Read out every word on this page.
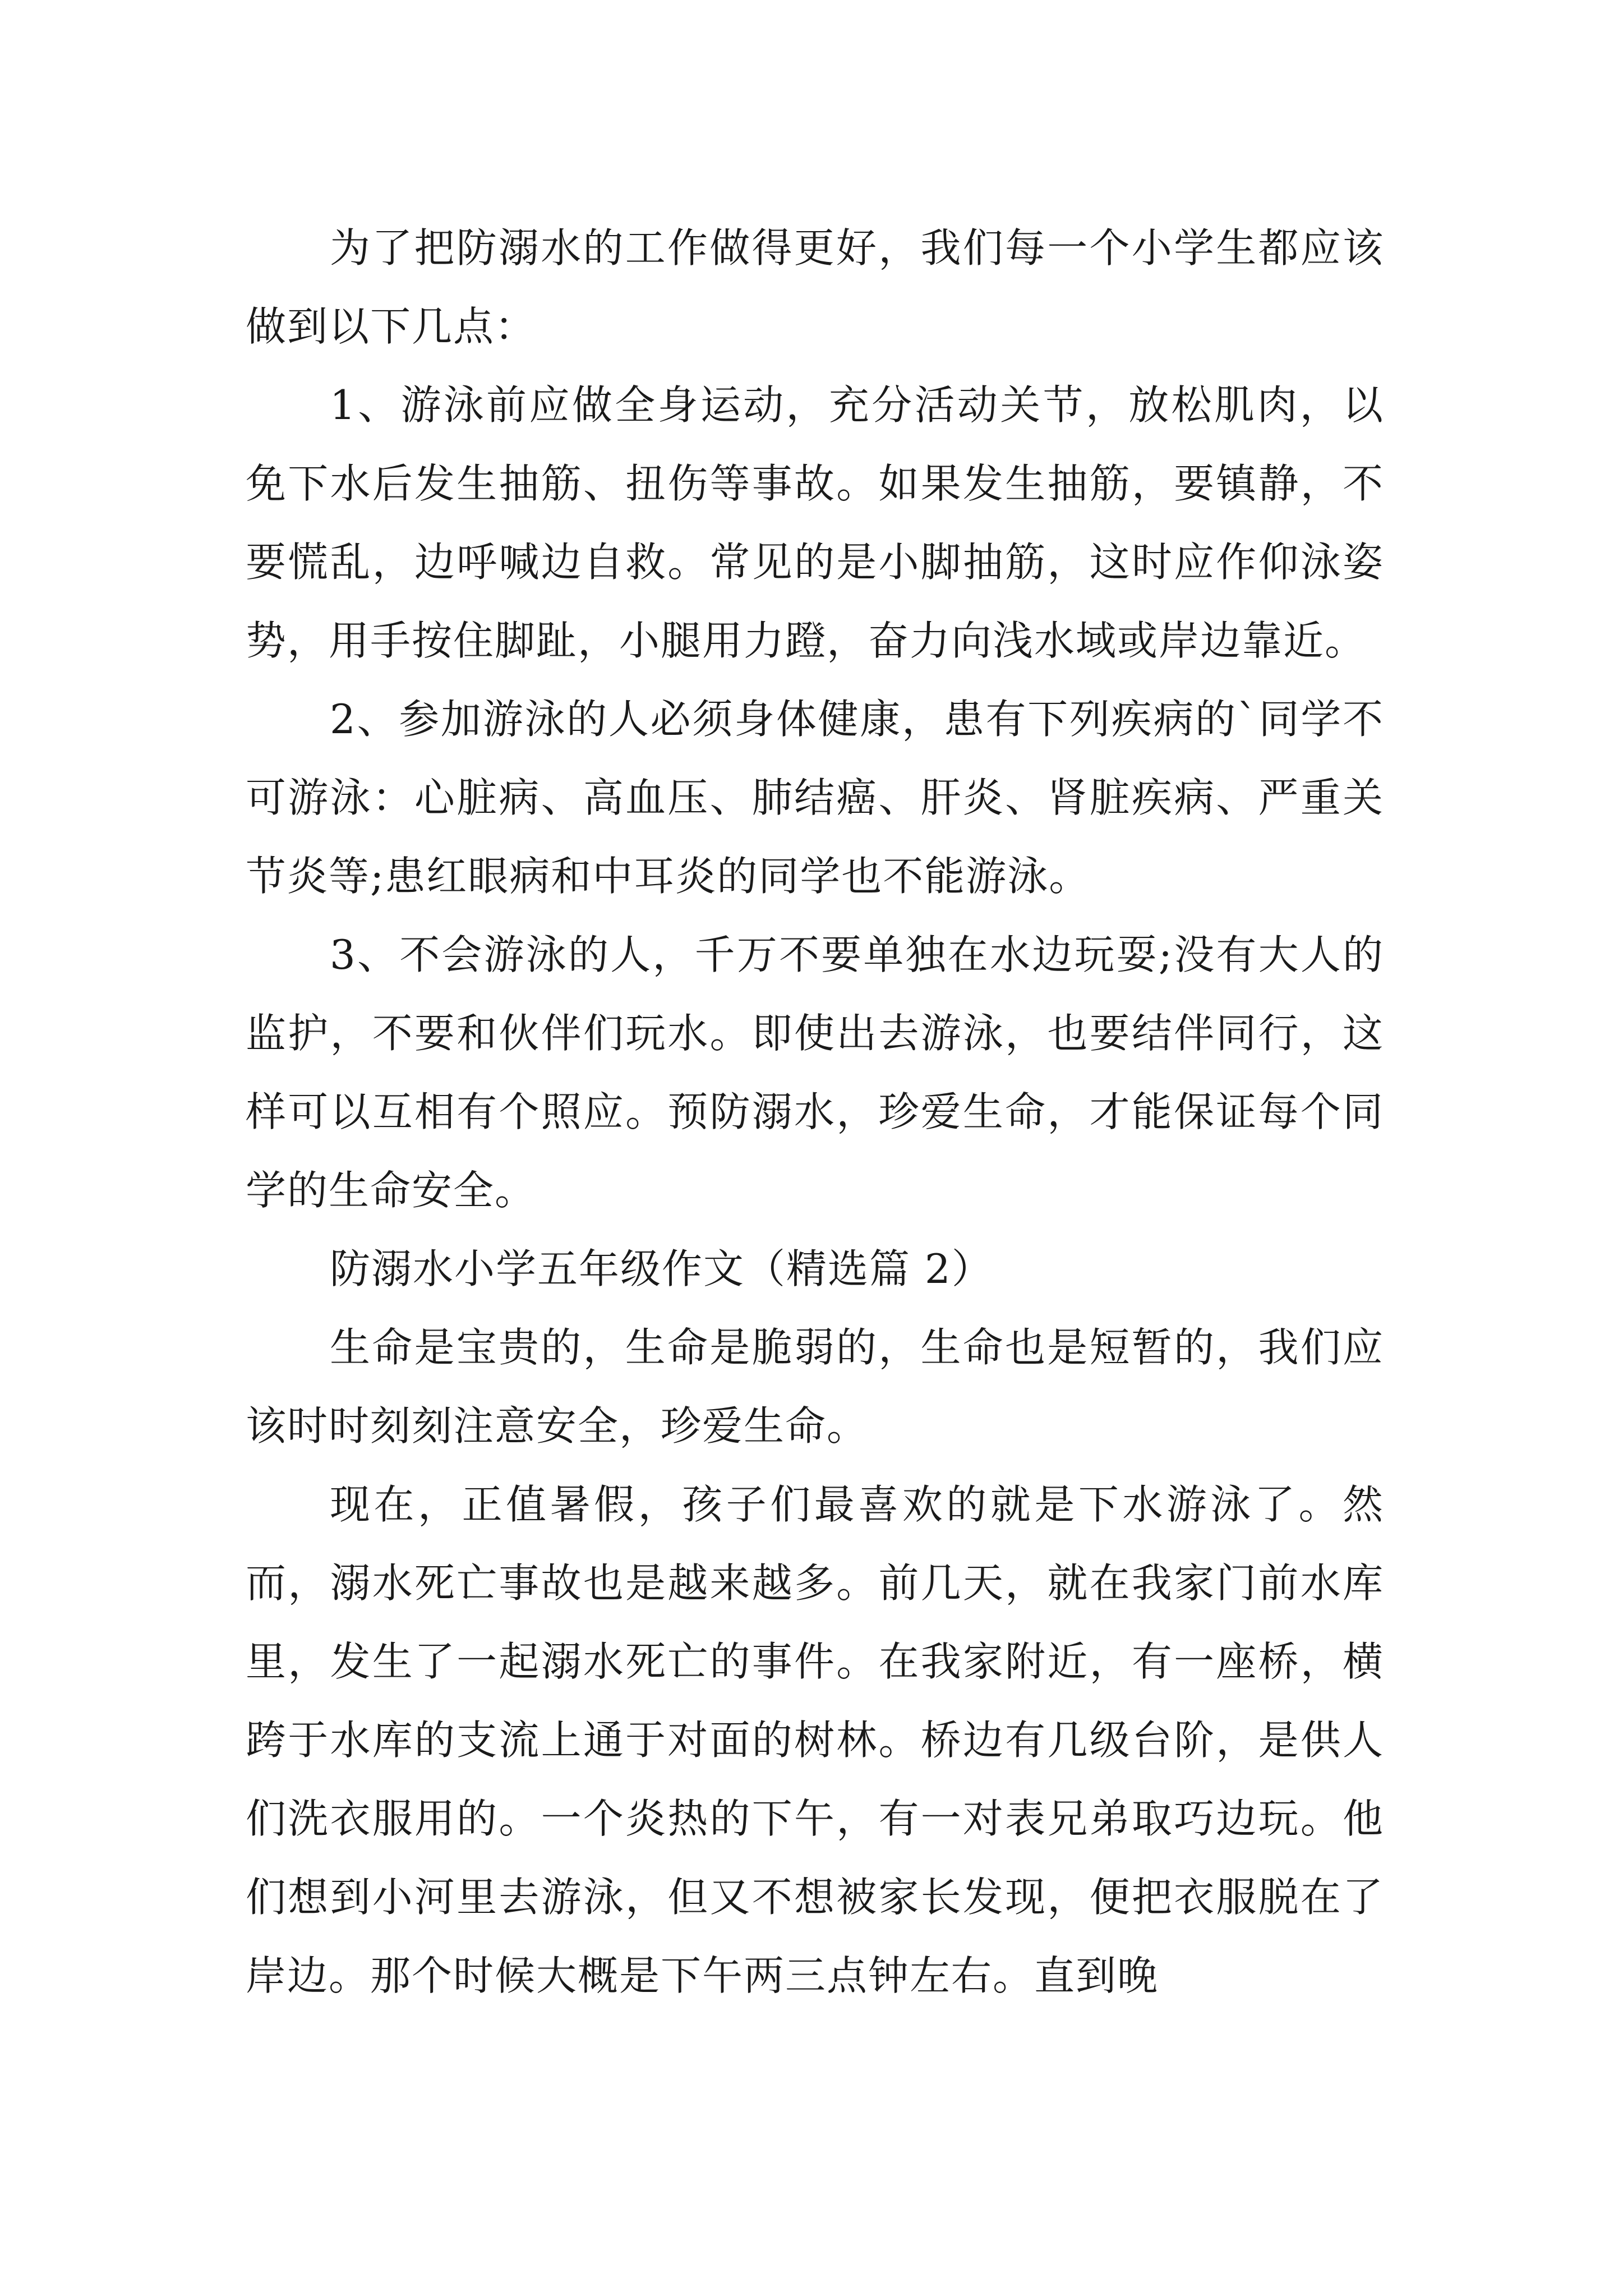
为了把防溺水的工作做得更好，我们每一个小学生都应该做到以下几点：

1、游泳前应做全身运动，充分活动关节，放松肌肉，以免下水后发生抽筋、扭伤等事故。如果发生抽筋，要镇静，不要慌乱，边呼喊边自救。常见的是小脚抽筋，这时应作仰泳姿势，用手按住脚趾，小腿用力蹬，奋力向浅水域或岸边靠近。

2、参加游泳的人必须身体健康，患有下列疾病的`同学不可游泳：心脏病、高血压、肺结癌、肝炎、肾脏疾病、严重关节炎等;患红眼病和中耳炎的同学也不能游泳。

3、不会游泳的人，千万不要单独在水边玩耍;没有大人的监护，不要和伙伴们玩水。即使出去游泳，也要结伴同行，这样可以互相有个照应。预防溺水，珍爱生命，才能保证每个同学的生命安全。

防溺水小学五年级作文（精选篇 2）

生命是宝贵的，生命是脆弱的，生命也是短暂的，我们应该时时刻刻注意安全，珍爱生命。

现在，正值暑假，孩子们最喜欢的就是下水游泳了。然而，溺水死亡事故也是越来越多。前几天，就在我家门前水库里，发生了一起溺水死亡的事件。在我家附近，有一座桥，横跨于水库的支流上通于对面的树林。桥边有几级台阶，是供人们洗衣服用的。一个炎热的下午，有一对表兄弟取巧边玩。他们想到小河里去游泳，但又不想被家长发现，便把衣服脱在了岸边。那个时候大概是下午两三点钟左右。直到晚
